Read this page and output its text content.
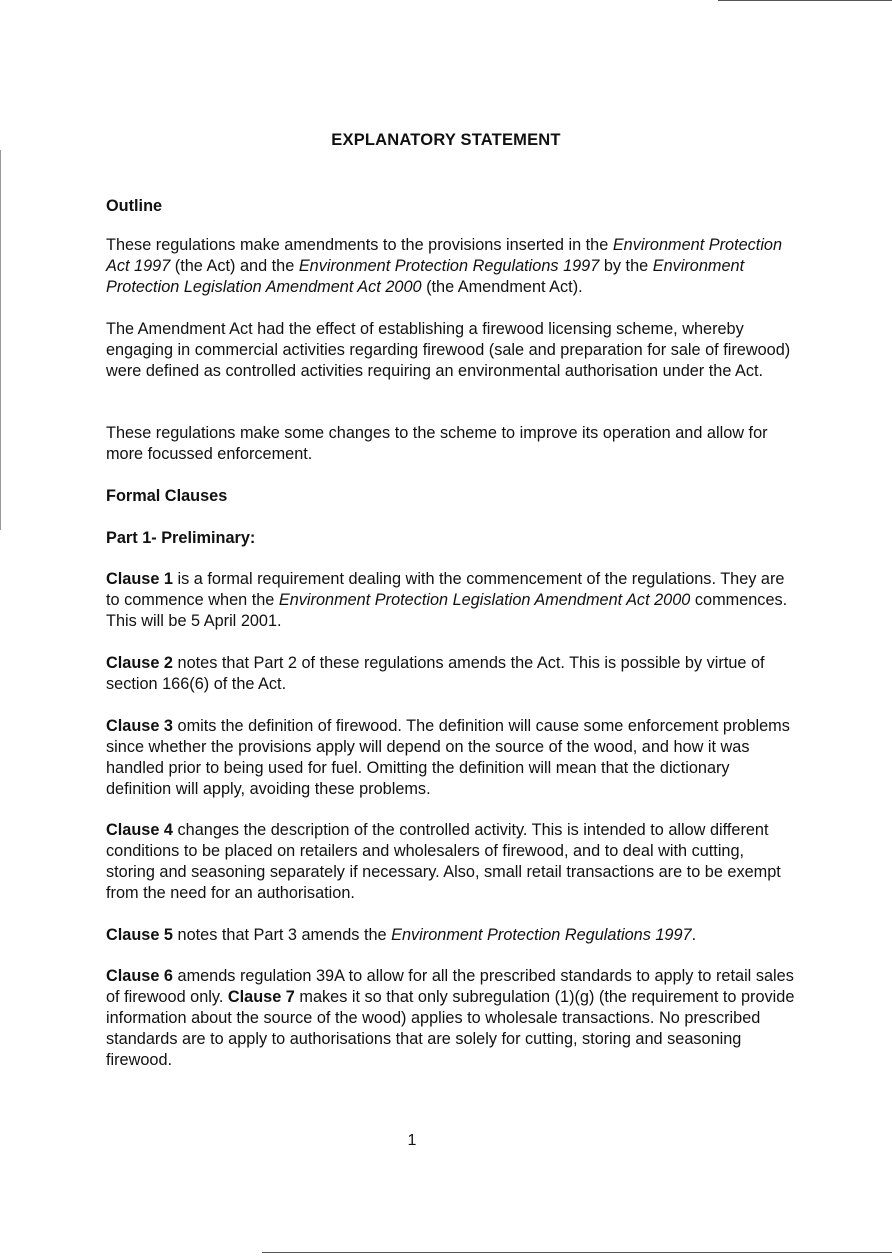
EXPLANATORY STATEMENT
Outline
These regulations make amendments to the provisions inserted in the Environment Protection Act 1997 (the Act) and the Environment Protection Regulations 1997 by the Environment Protection Legislation Amendment Act 2000 (the Amendment Act).
The Amendment Act had the effect of establishing a firewood licensing scheme, whereby engaging in commercial activities regarding firewood (sale and preparation for sale of firewood) were defined as controlled activities requiring an environmental authorisation under the Act.
These regulations make some changes to the scheme to improve its operation and allow for more focussed enforcement.
Formal Clauses
Part 1- Preliminary:
Clause 1 is a formal requirement dealing with the commencement of the regulations. They are to commence when the Environment Protection Legislation Amendment Act 2000 commences. This will be 5 April 2001.
Clause 2 notes that Part 2 of these regulations amends the Act. This is possible by virtue of section 166(6) of the Act.
Clause 3 omits the definition of firewood. The definition will cause some enforcement problems since whether the provisions apply will depend on the source of the wood, and how it was handled prior to being used for fuel. Omitting the definition will mean that the dictionary definition will apply, avoiding these problems.
Clause 4 changes the description of the controlled activity. This is intended to allow different conditions to be placed on retailers and wholesalers of firewood, and to deal with cutting, storing and seasoning separately if necessary. Also, small retail transactions are to be exempt from the need for an authorisation.
Clause 5 notes that Part 3 amends the Environment Protection Regulations 1997.
Clause 6 amends regulation 39A to allow for all the prescribed standards to apply to retail sales of firewood only. Clause 7 makes it so that only subregulation (1)(g) (the requirement to provide information about the source of the wood) applies to wholesale transactions. No prescribed standards are to apply to authorisations that are solely for cutting, storing and seasoning firewood.
1
